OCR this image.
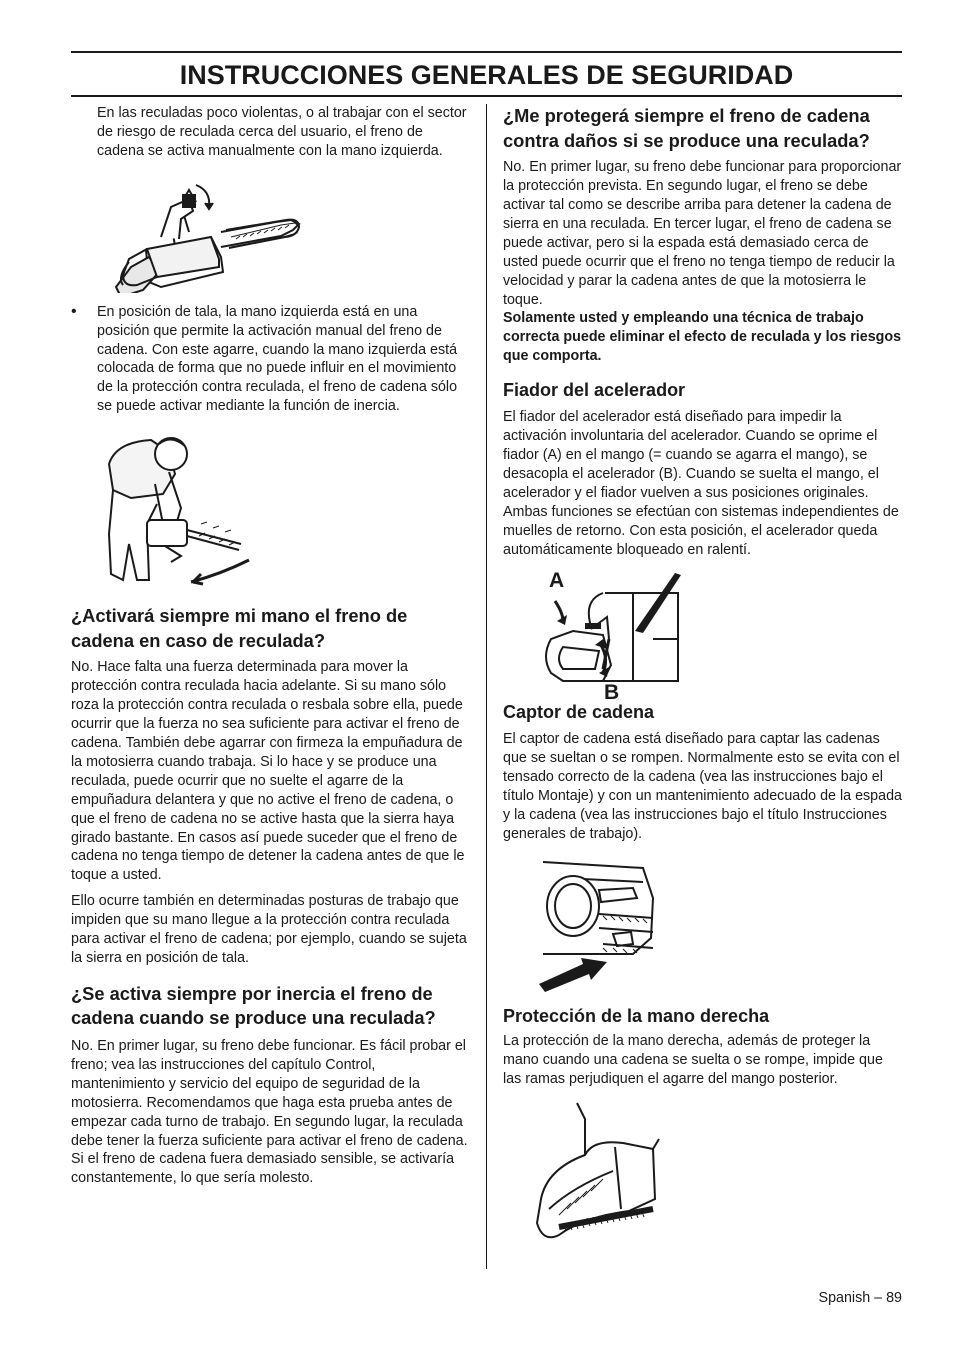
INSTRUCCIONES GENERALES DE SEGURIDAD

En las reculadas poco violentas, o al trabajar con el sector de riesgo de reculada cerca del usuario, el freno de cadena se activa manualmente con la mano izquierda.

• En posición de tala, la mano izquierda está en una posición que permite la activación manual del freno de cadena. Con este agarre, cuando la mano izquierda está colocada de forma que no puede influir en el movimiento de la protección contra reculada, el freno de cadena sólo se puede activar mediante la función de inercia.

¿Activará siempre mi mano el freno de cadena en caso de reculada?

No. Hace falta una fuerza determinada para mover la protección contra reculada hacia adelante. Si su mano sólo roza la protección contra reculada o resbala sobre ella, puede ocurrir que la fuerza no sea suficiente para activar el freno de cadena. También debe agarrar con firmeza la empuñadura de la motosierra cuando trabaja. Si lo hace y se produce una reculada, puede ocurrir que no suelte el agarre de la empuñadura delantera y que no active el freno de cadena, o que el freno de cadena no se active hasta que la sierra haya girado bastante. En casos así puede suceder que el freno de cadena no tenga tiempo de detener la cadena antes de que le toque a usted.

Ello ocurre también en determinadas posturas de trabajo que impiden que su mano llegue a la protección contra reculada para activar el freno de cadena; por ejemplo, cuando se sujeta la sierra en posición de tala.

¿Se activa siempre por inercia el freno de cadena cuando se produce una reculada?

No. En primer lugar, su freno debe funcionar. Es fácil probar el freno; vea las instrucciones del capítulo Control, mantenimiento y servicio del equipo de seguridad de la motosierra. Recomendamos que haga esta prueba antes de empezar cada turno de trabajo. En segundo lugar, la reculada debe tener la fuerza suficiente para activar el freno de cadena. Si el freno de cadena fuera demasiado sensible, se activaría constantemente, lo que sería molesto.

¿Me protegerá siempre el freno de cadena contra daños si se produce una reculada?

No. En primer lugar, su freno debe funcionar para proporcionar la protección prevista. En segundo lugar, el freno se debe activar tal como se describe arriba para detener la cadena de sierra en una reculada. En tercer lugar, el freno de cadena se puede activar, pero si la espada está demasiado cerca de usted puede ocurrir que el freno no tenga tiempo de reducir la velocidad y parar la cadena antes de que la motosierra le toque.

Solamente usted y empleando una técnica de trabajo correcta puede eliminar el efecto de reculada y los riesgos que comporta.

Fiador del acelerador

El fiador del acelerador está diseñado para impedir la activación involuntaria del acelerador. Cuando se oprime el fiador (A) en el mango (= cuando se agarra el mango), se desacopla el acelerador (B). Cuando se suelta el mango, el acelerador y el fiador vuelven a sus posiciones originales. Ambas funciones se efectúan con sistemas independientes de muelles de retorno. Con esta posición, el acelerador queda automáticamente bloqueado en ralentí.

A
B
Captor de cadena

El captor de cadena está diseñado para captar las cadenas que se sueltan o se rompen. Normalmente esto se evita con el tensado correcto de la cadena (vea las instrucciones bajo el título Montaje) y con un mantenimiento adecuado de la espada y la cadena (vea las instrucciones bajo el título Instrucciones generales de trabajo).

Protección de la mano derecha

La protección de la mano derecha, además de proteger la mano cuando una cadena se suelta o se rompe, impide que las ramas perjudiquen el agarre del mango posterior.

Spanish – 89
